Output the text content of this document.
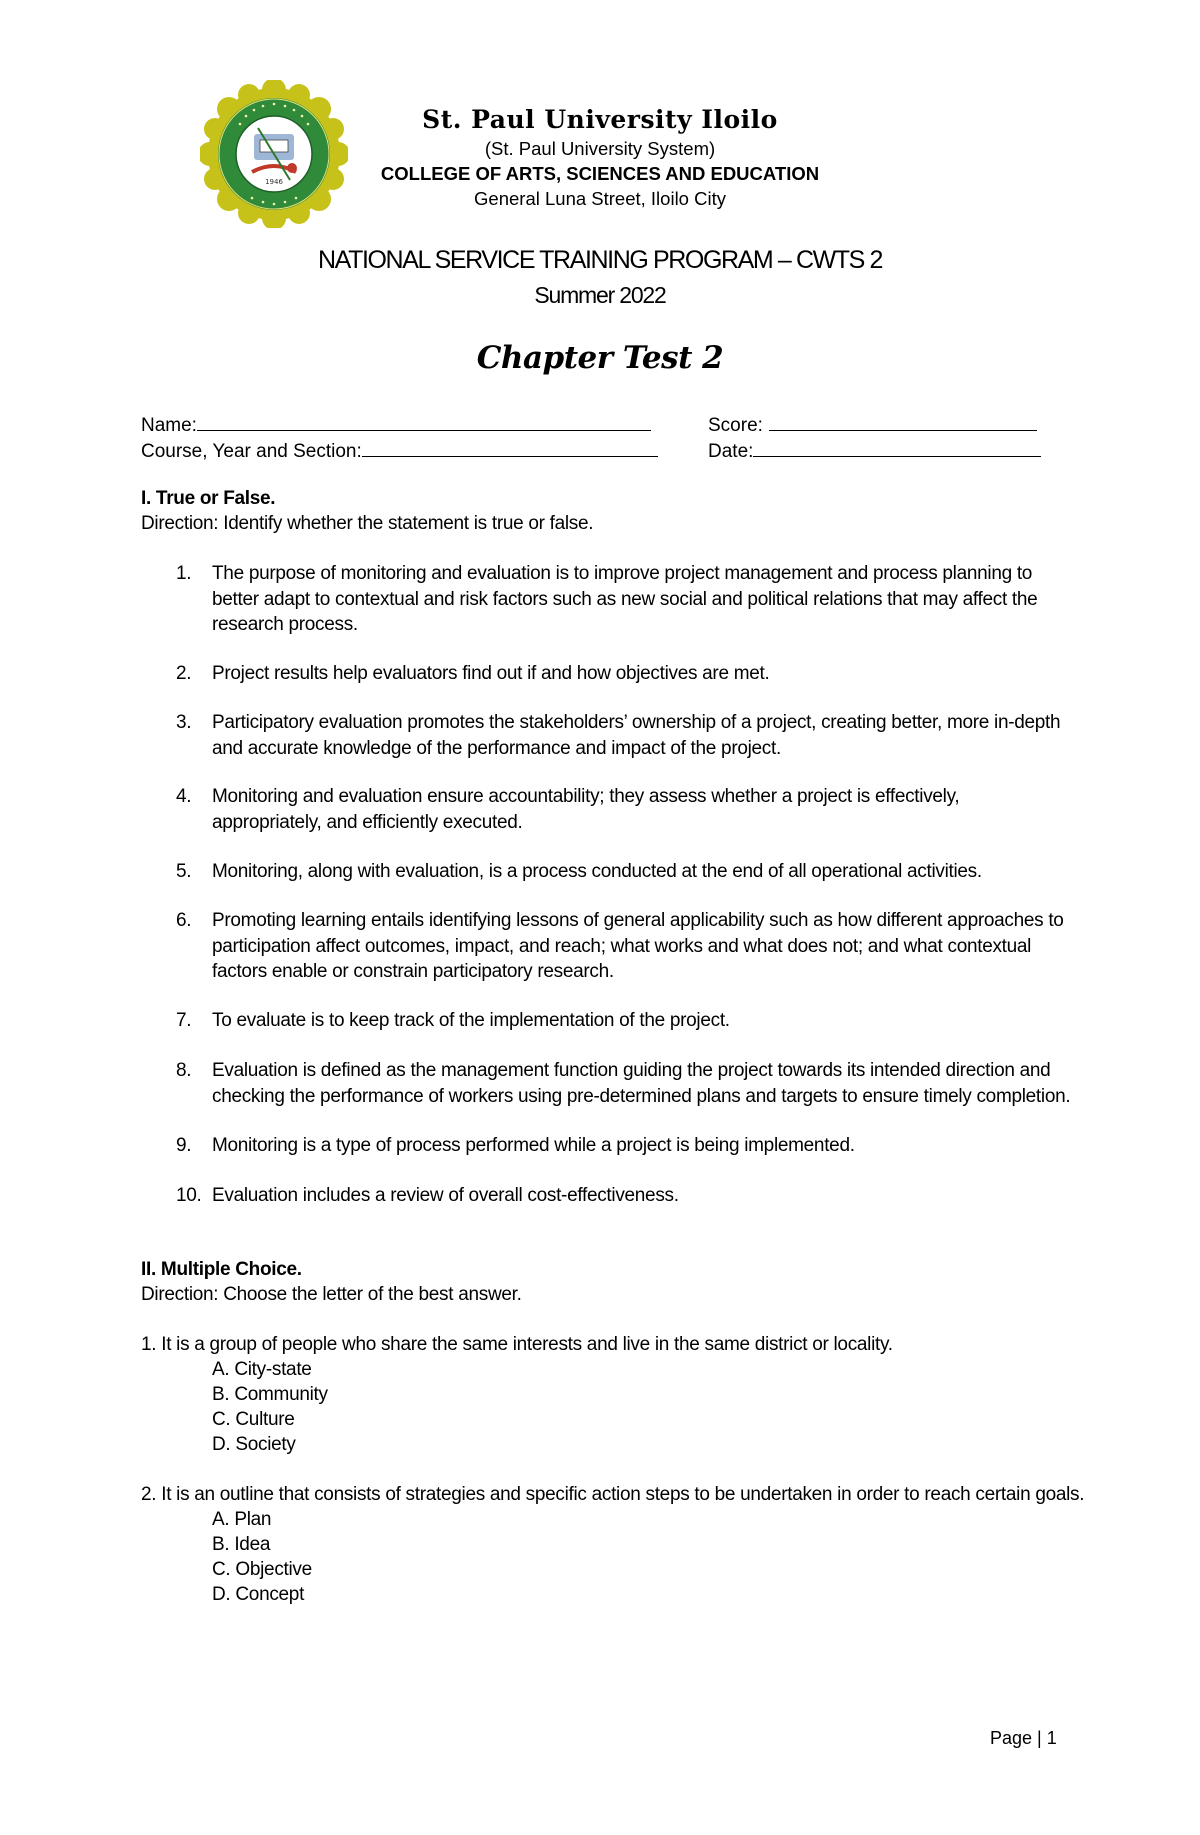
1946
St. Paul University Iloilo
(St. Paul University System)
COLLEGE OF ARTS, SCIENCES AND EDUCATION
General Luna Street, Iloilo City
NATIONAL SERVICE TRAINING PROGRAM – CWTS 2
Summer 2022
Chapter Test 2
Name:	Score:
Course, Year and Section:	Date:
I. True or False.
Direction: Identify whether the statement is true or false.
1. The purpose of monitoring and evaluation is to improve project management and process planning to better adapt to contextual and risk factors such as new social and political relations that may affect the research process.
2. Project results help evaluators find out if and how objectives are met.
3. Participatory evaluation promotes the stakeholders’ ownership of a project, creating better, more in-depth and accurate knowledge of the performance and impact of the project.
4. Monitoring and evaluation ensure accountability; they assess whether a project is effectively, appropriately, and efficiently executed.
5. Monitoring, along with evaluation, is a process conducted at the end of all operational activities.
6. Promoting learning entails identifying lessons of general applicability such as how different approaches to participation affect outcomes, impact, and reach; what works and what does not; and what contextual factors enable or constrain participatory research.
7. To evaluate is to keep track of the implementation of the project.
8. Evaluation is defined as the management function guiding the project towards its intended direction and checking the performance of workers using pre-determined plans and targets to ensure timely completion.
9. Monitoring is a type of process performed while a project is being implemented.
10. Evaluation includes a review of overall cost-effectiveness.
II. Multiple Choice.
Direction: Choose the letter of the best answer.
1. It is a group of people who share the same interests and live in the same district or locality.
A. City-state
B. Community
C. Culture
D. Society
2. It is an outline that consists of strategies and specific action steps to be undertaken in order to reach certain goals.
A. Plan
B. Idea
C. Objective
D. Concept
Page | 1
